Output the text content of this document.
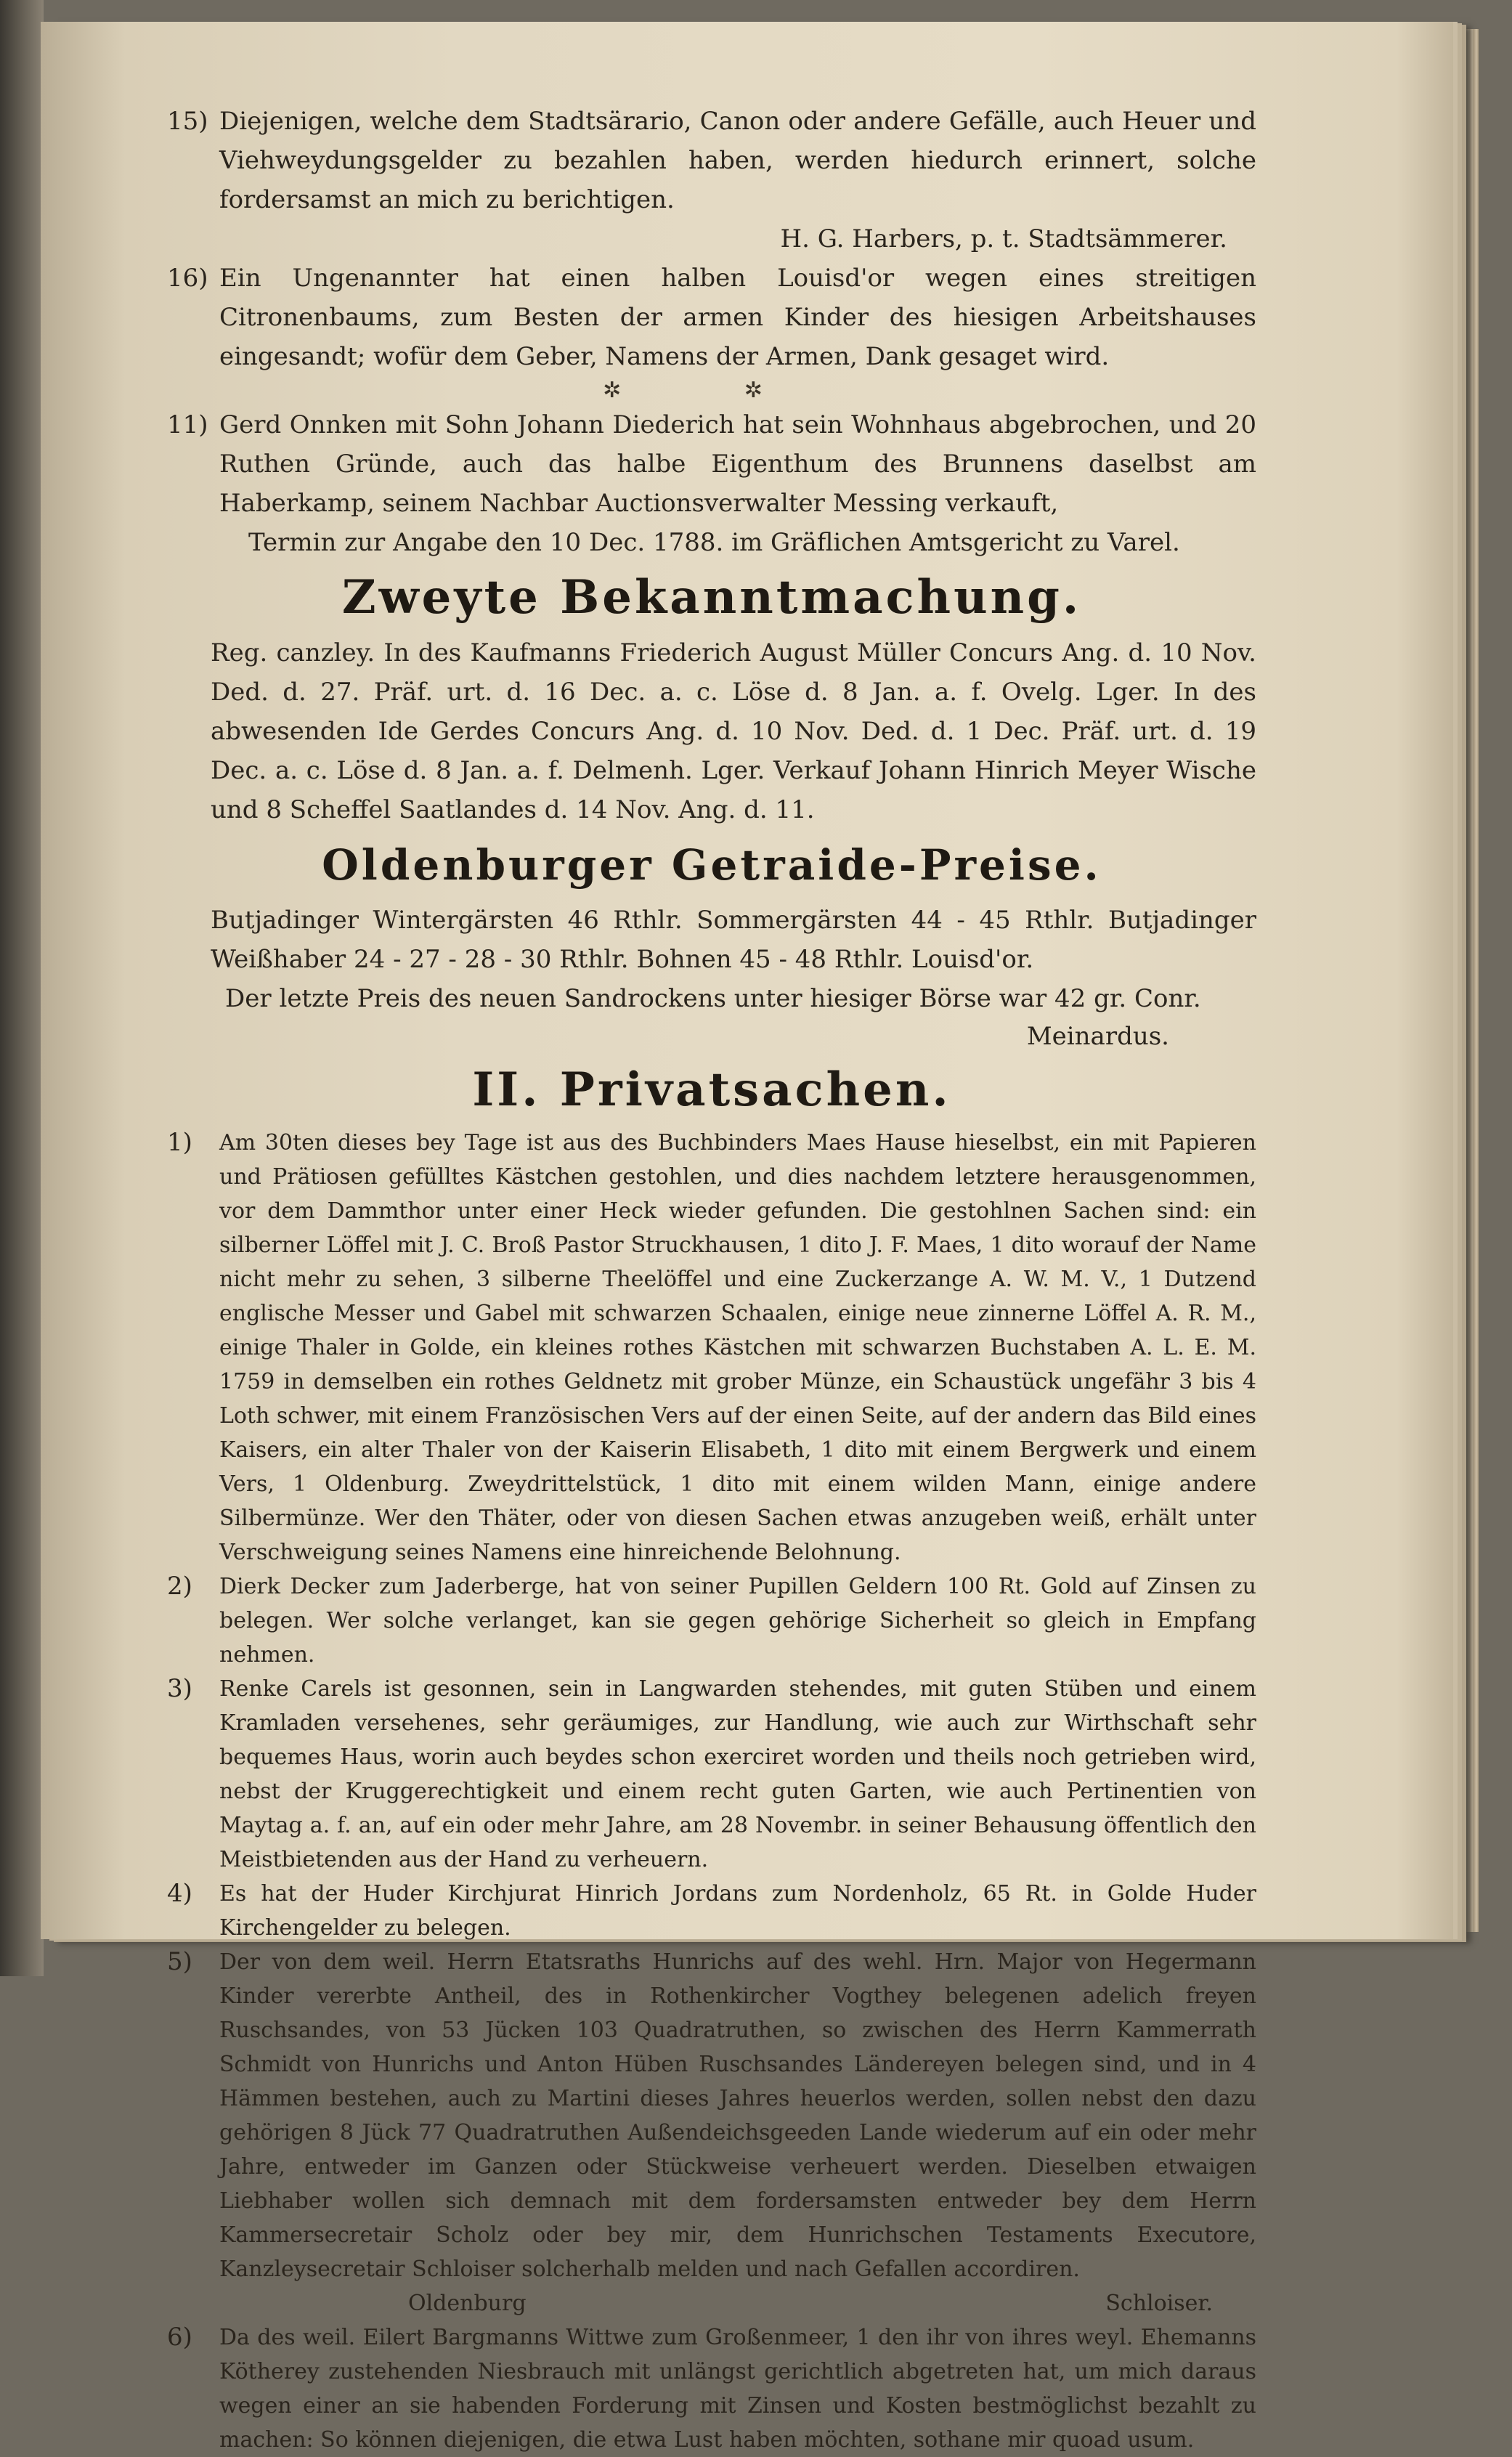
15) Diejenigen, welche dem Stadtsärario, Canon oder andere Gefälle, auch Heuer und Viehweydungsgelder zu bezahlen haben, werden hiedurch erinnert, solche fordersamst an mich zu berichtigen.
H. G. Harbers, p. t. Stadtsämmerer.
16) Ein Ungenannter hat einen halben Louisd'or wegen eines streitigen Citronenbaums, zum Besten der armen Kinder des hiesigen Arbeitshauses eingesandt; wofür dem Geber, Namens der Armen, Dank gesaget wird.
✲ ✲
11) Gerd Onnken mit Sohn Johann Diederich hat sein Wohnhaus abgebrochen, und 20 Ruthen Gründe, auch das halbe Eigenthum des Brunnens daselbst am Haberkamp, seinem Nachbar Auctionsverwalter Messing verkauft,
Termin zur Angabe den 10 Dec. 1788. im Gräflichen Amtsgericht zu Varel.
Zweyte Bekanntmachung.

Reg. canzley. In des Kaufmanns Friederich August Müller Concurs Ang. d. 10 Nov. Ded. d. 27. Präf. urt. d. 16 Dec. a. c. Löse d. 8 Jan. a. f. Ovelg. Lger. In des abwesenden Ide Gerdes Concurs Ang. d. 10 Nov. Ded. d. 1 Dec. Präf. urt. d. 19 Dec. a. c. Löse d. 8 Jan. a. f. Delmenh. Lger. Verkauf Johann Hinrich Meyer Wische und 8 Scheffel Saatlandes d. 14 Nov. Ang. d. 11.

Oldenburger Getraide-Preise.

Butjadinger Wintergärsten 46 Rthlr. Sommergärsten 44 - 45 Rthlr. Butjadinger Weißhaber 24 - 27 - 28 - 30 Rthlr. Bohnen 45 - 48 Rthlr. Louisd'or.

Der letzte Preis des neuen Sandrockens unter hiesiger Börse war 42 gr. Conr.

Meinardus.
II. Privatsachen.
1)	Am 30ten dieses bey Tage ist aus des Buchbinders Maes Hause hieselbst, ein mit Papieren und Prätiosen gefülltes Kästchen gestohlen, und dies nachdem letztere herausgenommen, vor dem Dammthor unter einer Heck wieder gefunden. Die gestohlnen Sachen sind: ein silberner Löffel mit J. C. Broß Pastor Struckhausen, 1 dito J. F. Maes, 1 dito worauf der Name nicht mehr zu sehen, 3 silberne Theelöffel und eine Zuckerzange A. W. M. V., 1 Dutzend englische Messer und Gabel mit schwarzen Schaalen, einige neue zinnerne Löffel A. R. M., einige Thaler in Golde, ein kleines rothes Kästchen mit schwarzen Buchstaben A. L. E. M. 1759 in demselben ein rothes Geldnetz mit grober Münze, ein Schaustück ungefähr 3 bis 4 Loth schwer, mit einem Französischen Vers auf der einen Seite, auf der andern das Bild eines Kaisers, ein alter Thaler von der Kaiserin Elisabeth, 1 dito mit einem Bergwerk und einem Vers, 1 Oldenburg. Zweydrittelstück, 1 dito mit einem wilden Mann, einige andere Silbermünze. Wer den Thäter, oder von diesen Sachen etwas anzugeben weiß, erhält unter Verschweigung seines Namens eine hinreichende Belohnung.
2)	Dierk Decker zum Jaderberge, hat von seiner Pupillen Geldern 100 Rt. Gold auf Zinsen zu belegen. Wer solche verlanget, kan sie gegen gehörige Sicherheit so gleich in Empfang nehmen.
3)	Renke Carels ist gesonnen, sein in Langwarden stehendes, mit guten Stüben und einem Kramladen versehenes, sehr geräumiges, zur Handlung, wie auch zur Wirthschaft sehr bequemes Haus, worin auch beydes schon exerciret worden und theils noch getrieben wird, nebst der Kruggerechtigkeit und einem recht guten Garten, wie auch Pertinentien von Maytag a. f. an, auf ein oder mehr Jahre, am 28 Novembr. in seiner Behausung öffentlich den Meistbietenden aus der Hand zu verheuern.
4)	Es hat der Huder Kirchjurat Hinrich Jordans zum Nordenholz, 65 Rt. in Golde Huder Kirchengelder zu belegen.
5)	Der von dem weil. Herrn Etatsraths Hunrichs auf des wehl. Hrn. Major von Hegermann Kinder vererbte Antheil, des in Rothenkircher Vogthey belegenen adelich freyen Ruschsandes, von 53 Jücken 103 Quadratruthen, so zwischen des Herrn Kammerrath Schmidt von Hunrichs und Anton Hüben Ruschsandes Ländereyen belegen sind, und in 4 Hämmen bestehen, auch zu Martini dieses Jahres heuerlos werden, sollen nebst den dazu gehörigen 8 Jück 77 Quadratruthen Außendeichsgeeden Lande wiederum auf ein oder mehr Jahre, entweder im Ganzen oder Stückweise verheuert werden. Dieselben etwaigen Liebhaber wollen sich demnach mit dem fordersamsten entweder bey dem Herrn Kammersecretair Scholz oder bey mir, dem Hunrichschen Testaments Executore, Kanzleysecretair Schloiser solcherhalb melden und nach Gefallen accordiren.
Oldenburg	Schloiser.
6)	Da des weil. Eilert Bargmanns Wittwe zum Großenmeer, 1 den ihr von ihres weyl. Ehemanns Kötherey zustehenden Niesbrauch mit unlängst gerichtlich abgetreten hat, um mich daraus wegen einer an sie habenden Forderung mit Zinsen und Kosten bestmöglichst bezahlt zu machen: So können diejenigen, die etwa Lust haben möchten, sothane mir quoad usum.
